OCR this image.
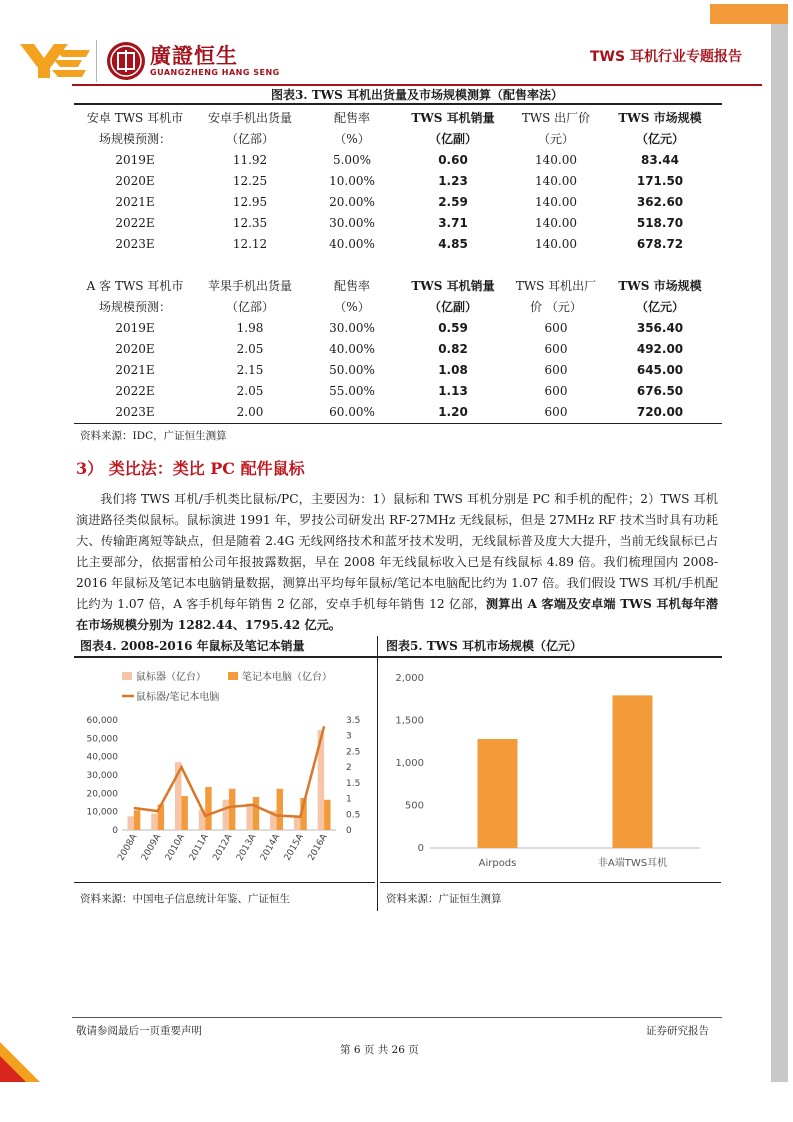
廣證恒生
GUANGZHENG HANG SENG
TWS 耳机行业专题报告
图表3. TWS 耳机出货量及市场规模测算（配售率法）
安卓 TWS 耳机市	安卓手机出货量	配售率	TWS 耳机销量	TWS 出厂价	TWS 市场规模
场规模预测：	（亿部）	（%）	（亿副）	（元）	（亿元）
2019E	11.92	5.00%	0.60	140.00	83.44
2020E	12.25	10.00%	1.23	140.00	171.50
2021E	12.95	20.00%	2.59	140.00	362.60
2022E	12.35	30.00%	3.71	140.00	518.70
2023E	12.12	40.00%	4.85	140.00	678.72
A 客 TWS 耳机市	苹果手机出货量	配售率	TWS 耳机销量	TWS 耳机出厂	TWS 市场规模
场规模预测：	（亿部）	（%）	（亿副）	价 （元）	（亿元）
2019E	1.98	30.00%	0.59	600	356.40
2020E	2.05	40.00%	0.82	600	492.00
2021E	2.15	50.00%	1.08	600	645.00
2022E	2.05	55.00%	1.13	600	676.50
2023E	2.00	60.00%	1.20	600	720.00
资料来源：IDC，广证恒生测算
3） 类比法：类比 PC 配件鼠标
我们将 TWS 耳机/手机类比鼠标/PC，主要因为：1）鼠标和 TWS 耳机分别是 PC 和手机的配件；2）TWS 耳机演进路径类似鼠标。鼠标演进 1991 年，罗技公司研发出 RF-27MHz 无线鼠标，但是 27MHz RF 技术当时具有功耗大、传输距离短等缺点，但是随着 2.4G 无线网络技术和蓝牙技术发明，无线鼠标普及度大大提升，当前无线鼠标已占比主要部分，依据雷柏公司年报披露数据，早在 2008 年无线鼠标收入已是有线鼠标 4.89 倍。我们梳理国内 2008-2016 年鼠标及笔记本电脑销量数据，测算出平均每年鼠标/笔记本电脑配比约为 1.07 倍。我们假设 TWS 耳机/手机配比约为 1.07 倍，A 客手机每年销售 2 亿部，安卓手机每年销售 12 亿部，测算出 A 客端及安卓端 TWS 耳机每年潜在市场规模分别为 1282.44、1795.42 亿元。
图表4. 2008-2016 年鼠标及笔记本销量	图表5. TWS 耳机市场规模（亿元）
鼠标器（亿台）	笔记本电脑（亿台）
鼠标器/笔记本电脑
0
10,000
20,000
30,000
40,000
50,000
60,000
0
0.5
1
1.5
2
2.5
3
3.5
2008A 2009A 2010A 2011A 2012A 2013A 2014A 2015A 2016A	0
500
1,000
1,500
2,000
Airpods	非A端TWS耳机
资料来源：中国电子信息统计年鉴、广证恒生	资料来源：广证恒生测算
敬请参阅最后一页重要声明	证券研究报告
第 6 页 共 26 页
